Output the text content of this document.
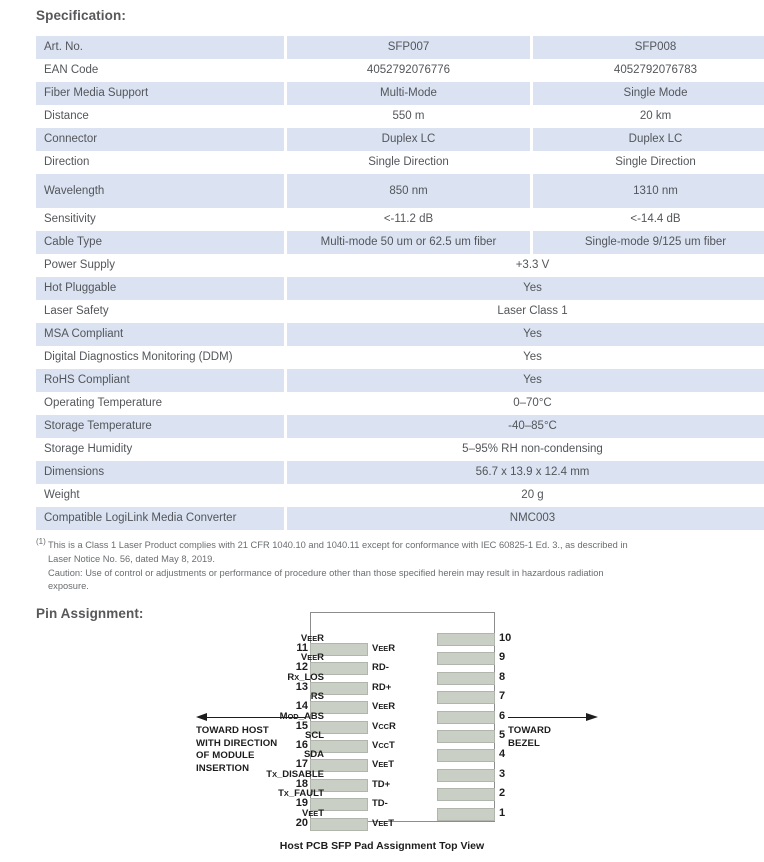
Specification:
Art. No.	SFP007	SFP008
EAN Code	4052792076776	4052792076783
Fiber Media Support	Multi-Mode	Single Mode
Distance	550 m	20 km
Connector	Duplex LC	Duplex LC
Direction	Single Direction	Single Direction
Wavelength	850 nm	1310 nm
Sensitivity	<-11.2 dB	<-14.4 dB
Cable Type	Multi-mode 50 um or 62.5 um fiber	Single-mode 9/125 um fiber
Power Supply	+3.3 V	
Hot Pluggable	Yes	
Laser Safety	Laser Class 1	
MSA Compliant	Yes	
Digital Diagnostics Monitoring (DDM)	Yes	
RoHS Compliant	Yes	
Operating Temperature	0–70°C	
Storage Temperature	-40–85°C	
Storage Humidity	5–95% RH non-condensing	
Dimensions	56.7 x 13.9 x 12.4 mm	
Weight	20 g	
Compatible LogiLink Media Converter	NMC003	
$^{(1)}$ This is a Class 1 Laser Product complies with 21 CFR 1040.10 and 1040.11 except for conformance with IEC 60825-1 Ed. 3., as described in
Laser Notice No. 56, dated May 8, 2019.
Caution: Use of control or adjustments or performance of procedure other than those specified herein may result in hazardous radiation
exposure.
Pin Assignment:
TOWARD HOST
WITH DIRECTION
OF MODULE
INSERTION
TOWARD
BEZEL
10
VEER
9
VEER
8
RX_LOS
7
RS
6
MOD_ABS
5
SCL
4
SDA
3
TX_DISABLE
2
TX_FAULT
1
VEET
11	VEER
12	RD-
13	RD+
14	VEER
15	VCCR
16	VCCT
17	VEET
18	TD+
19	TD-
20	VEET
Host PCB SFP Pad Assignment Top View
